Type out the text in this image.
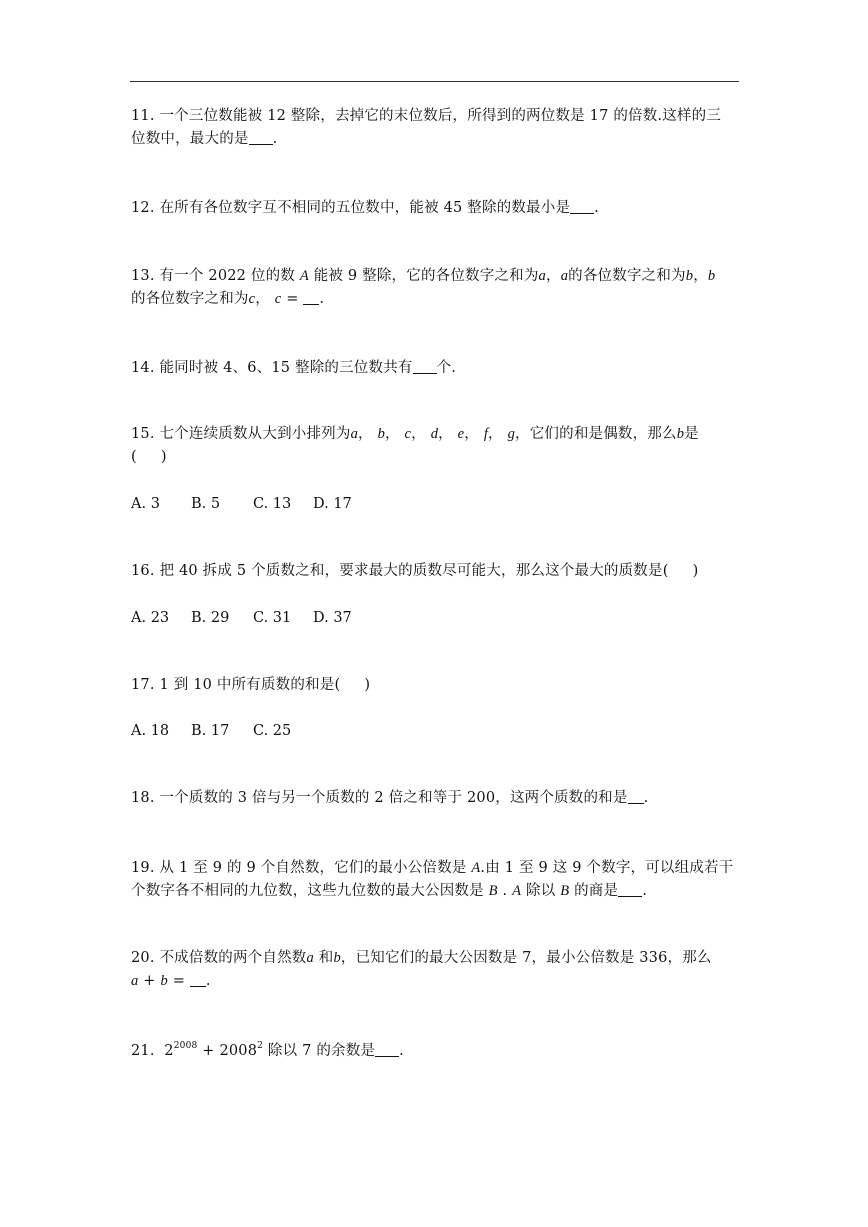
11. 一个三位数能被 12 整除，去掉它的末位数后，所得到的两位数是 17 的倍数.这样的三
位数中，最大的是 .
12. 在所有各位数字互不相同的五位数中，能被 45 整除的数最小是 .
13. 有一个 2022 位的数 A 能被 9 整除，它的各位数字之和为a，a的各位数字之和为b，b
的各位数字之和为c， c = .
14. 能同时被 4、6、15 整除的三位数共有 个.
15. 七个连续质数从大到小排列为a， b， c， d， e， f， g，它们的和是偶数，那么b是
(     )
A. 3 B. 5 C. 13 D. 17
16. 把 40 拆成 5 个质数之和，要求最大的质数尽可能大，那么这个最大的质数是(     )
A. 23 B. 29 C. 31 D. 37
17. 1 到 10 中所有质数的和是(     )
A. 18 B. 17 C. 25
18. 一个质数的 3 倍与另一个质数的 2 倍之和等于 200，这两个质数的和是 .
19. 从 1 至 9 的 9 个自然数，它们的最小公倍数是 A.由 1 至 9 这 9 个数字，可以组成若干
个数字各不相同的九位数，这些九位数的最大公因数是 B . A 除以 B 的商是 .
20. 不成倍数的两个自然数a 和b，已知它们的最大公因数是 7，最小公倍数是 336，那么
a + b = .
21. $2^{2008} + 2008^2$ 除以 7 的余数是 .
